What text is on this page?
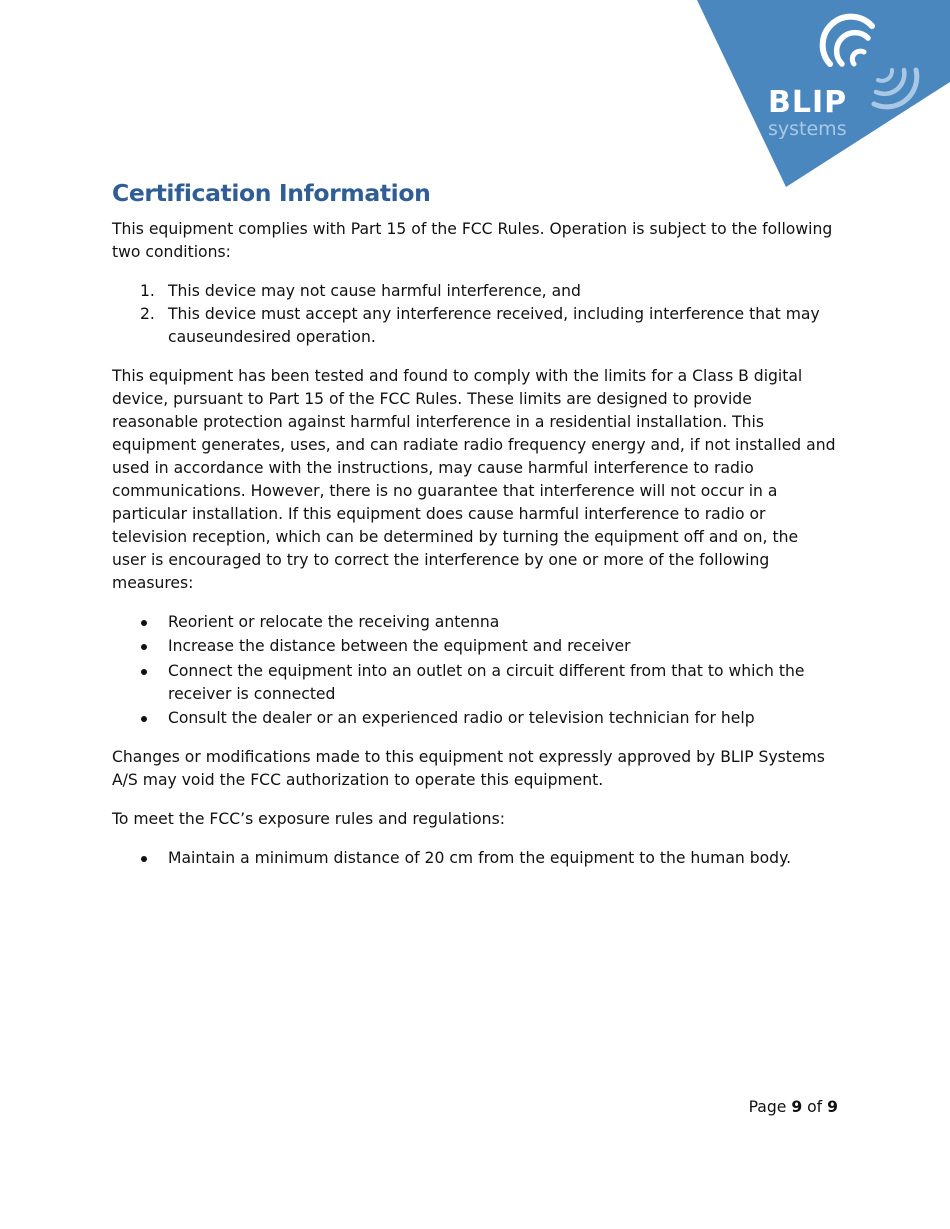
BLIP
systems
Certification Information

This equipment complies with Part 15 of the FCC Rules. Operation is subject to the following two conditions:

1. This device may not cause harmful interference, and
2. This device must accept any interference received, including interference that may causeundesired operation.

This equipment has been tested and found to comply with the limits for a Class B digital device, pursuant to Part 15 of the FCC Rules. These limits are designed to provide reasonable protection against harmful interference in a residential installation. This equipment generates, uses, and can radiate radio frequency energy and, if not installed and used in accordance with the instructions, may cause harmful interference to radio communications. However, there is no guarantee that interference will not occur in a particular installation. If this equipment does cause harmful interference to radio or television reception, which can be determined by turning the equipment off and on, the user is encouraged to try to correct the interference by one or more of the following measures:

Reorient or relocate the receiving antenna
Increase the distance between the equipment and receiver
Connect the equipment into an outlet on a circuit different from that to which the receiver is connected
Consult the dealer or an experienced radio or television technician for help

Changes or modifications made to this equipment not expressly approved by BLIP Systems A/S may void the FCC authorization to operate this equipment.

To meet the FCC’s exposure rules and regulations:

Maintain a minimum distance of 20 cm from the equipment to the human body.
Page 9 of 9
